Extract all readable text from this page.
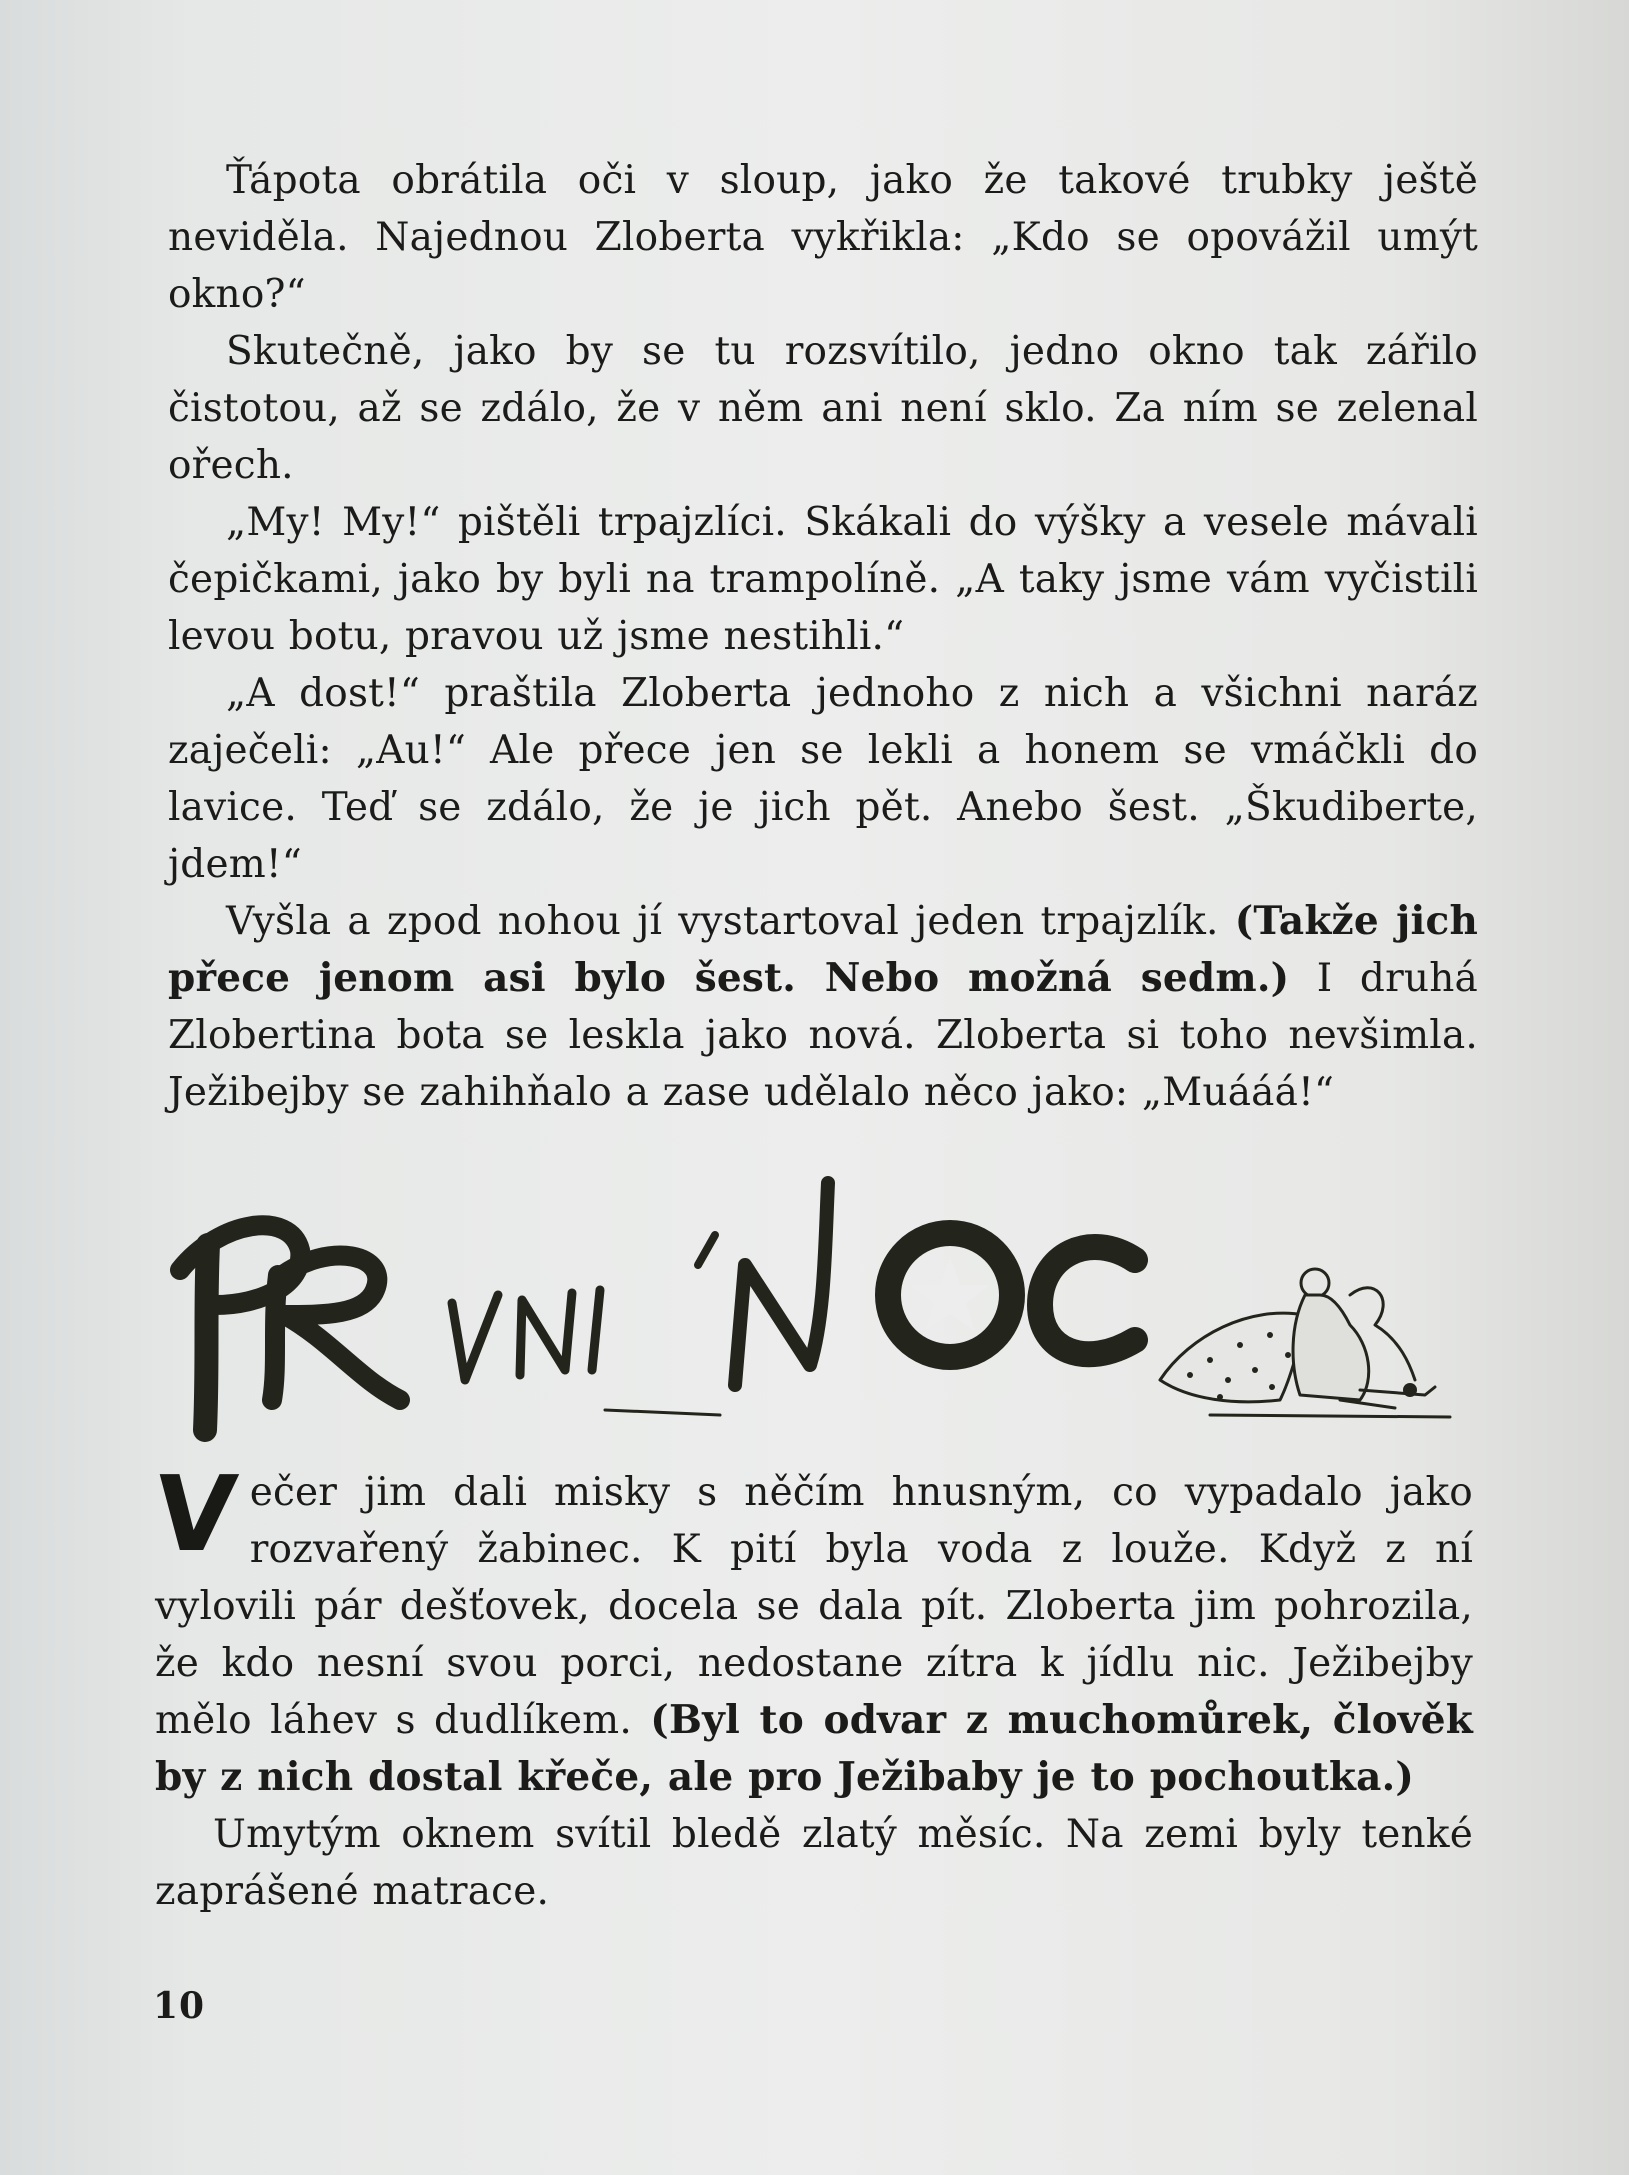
Ťápota obrátila oči v sloup, jako že takové trubky ještě neviděla. Najednou Zloberta vykřikla: „Kdo se opovážil umýt okno?“

Skutečně, jako by se tu rozsvítilo, jedno okno tak zářilo čistotou, až se zdálo, že v něm ani není sklo. Za ním se zelenal ořech.

„My! My!“ pištěli trpajzlíci. Skákali do výšky a vesele mávali čepičkami, jako by byli na trampolíně. „A taky jsme vám vyčistili levou botu, pravou už jsme nestihli.“

„A dost!“ praštila Zloberta jednoho z nich a všichni naráz zaječeli: „Au!“ Ale přece jen se lekli a honem se vmáčkli do lavice. Teď se zdálo, že je jich pět. Anebo šest. „Škudiberte, jdem!“

Vyšla a zpod nohou jí vystartoval jeden trpajzlík. (Takže jich přece jenom asi bylo šest. Nebo možná sedm.) I druhá Zlobertina bota se leskla jako nová. Zloberta si toho nevšimla. Ježibejby se zahihňalo a zase udělalo něco jako: „Muááá!“

Večer jim dali misky s něčím hnusným, co vypadalo jako rozvařený žabinec. K pití byla voda z louže. Když z ní vylovili pár dešťovek, docela se dala pít. Zloberta jim pohrozila, že kdo nesní svou porci, nedostane zítra k jídlu nic. Ježibejby mělo láhev s dudlíkem. (Byl to odvar z muchomůrek, člověk by z nich dostal křeče, ale pro Ježibaby je to pochoutka.)

Umytým oknem svítil bledě zlatý měsíc. Na zemi byly tenké zaprášené matrace.

10
